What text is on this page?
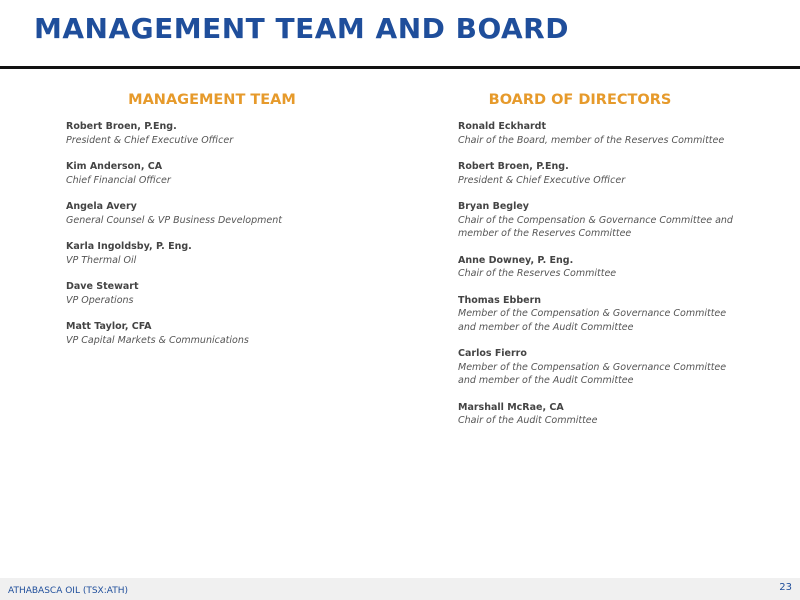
MANAGEMENT TEAM AND BOARD
MANAGEMENT TEAM	BOARD OF DIRECTORS
Robert Broen, P.Eng.
President & Chief Executive Officer
Kim Anderson, CA
Chief Financial Officer
Angela Avery
General Counsel & VP Business Development
Karla Ingoldsby, P. Eng.
VP Thermal Oil
Dave Stewart
VP Operations
Matt Taylor, CFA
VP Capital Markets & Communications
Ronald Eckhardt
Chair of the Board, member of the Reserves Committee
Robert Broen, P.Eng.
President & Chief Executive Officer
Bryan Begley
Chair of the Compensation & Governance Committee and
member of the Reserves Committee
Anne Downey, P. Eng.
Chair of the Reserves Committee
Thomas Ebbern
Member of the Compensation & Governance Committee
and member of the Audit Committee
Carlos Fierro
Member of the Compensation & Governance Committee
and member of the Audit Committee
Marshall McRae, CA
Chair of the Audit Committee
ATHABASCA OIL (TSX:ATH)	23
